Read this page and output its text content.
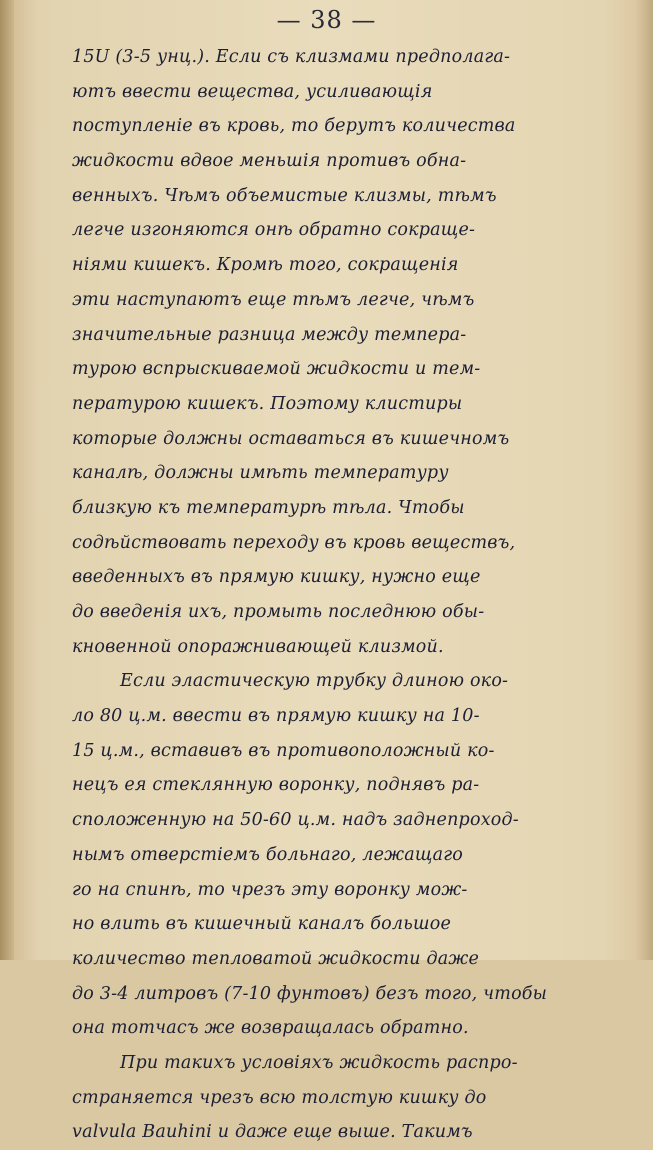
— 38 —
15U (3-5 унц.). Если съ клизмами предполага-
ютъ ввести вещества, усиливающiя
поступленiе въ кровь, то берутъ количества
жидкости вдвое меньшiя противъ обна-
венныхъ. Чѣмъ объемистые клизмы, тѣмъ
легче изгоняются онѣ обратно сокраще-
нiями кишекъ. Кромѣ того, сокращенiя
эти наступаютъ еще тѣмъ легче, чѣмъ
значительные разница между темпера-
турою вспрыскиваемой жидкости и тем-
пературою кишекъ. Поэтому клистиры
которые должны оставаться въ кишечномъ
каналѣ, должны имѣть температуру
близкую къ температурѣ тѣла. Чтобы
содѣйствовать переходу въ кровь веществъ,
введенныхъ въ прямую кишку, нужно еще
до введенiя ихъ, промыть последнюю обы-
кновенной опоражнивающей клизмой.
Если эластическую трубку длиною око-
ло 80 ц.м. ввести въ прямую кишку на 10-
15 ц.м., вставивъ въ противоположный ко-
нецъ ея стеклянную воронку, поднявъ ра-
сположенную на 50-60 ц.м. надъ заднепроход-
нымъ отверстiемъ больнаго, лежащаго
го на спинѣ, то чрезъ эту воронку мож-
но влить въ кишечный каналъ большое
количество тепловатой жидкости даже
до 3-4 литровъ (7-10 фунтовъ) безъ того, чтобы
она тотчасъ же возвращалась обратно.
При такихъ условiяхъ жидкость распро-
страняется чрезъ всю толстую кишку до
valvula Bauhini и даже еще выше. Такимъ
